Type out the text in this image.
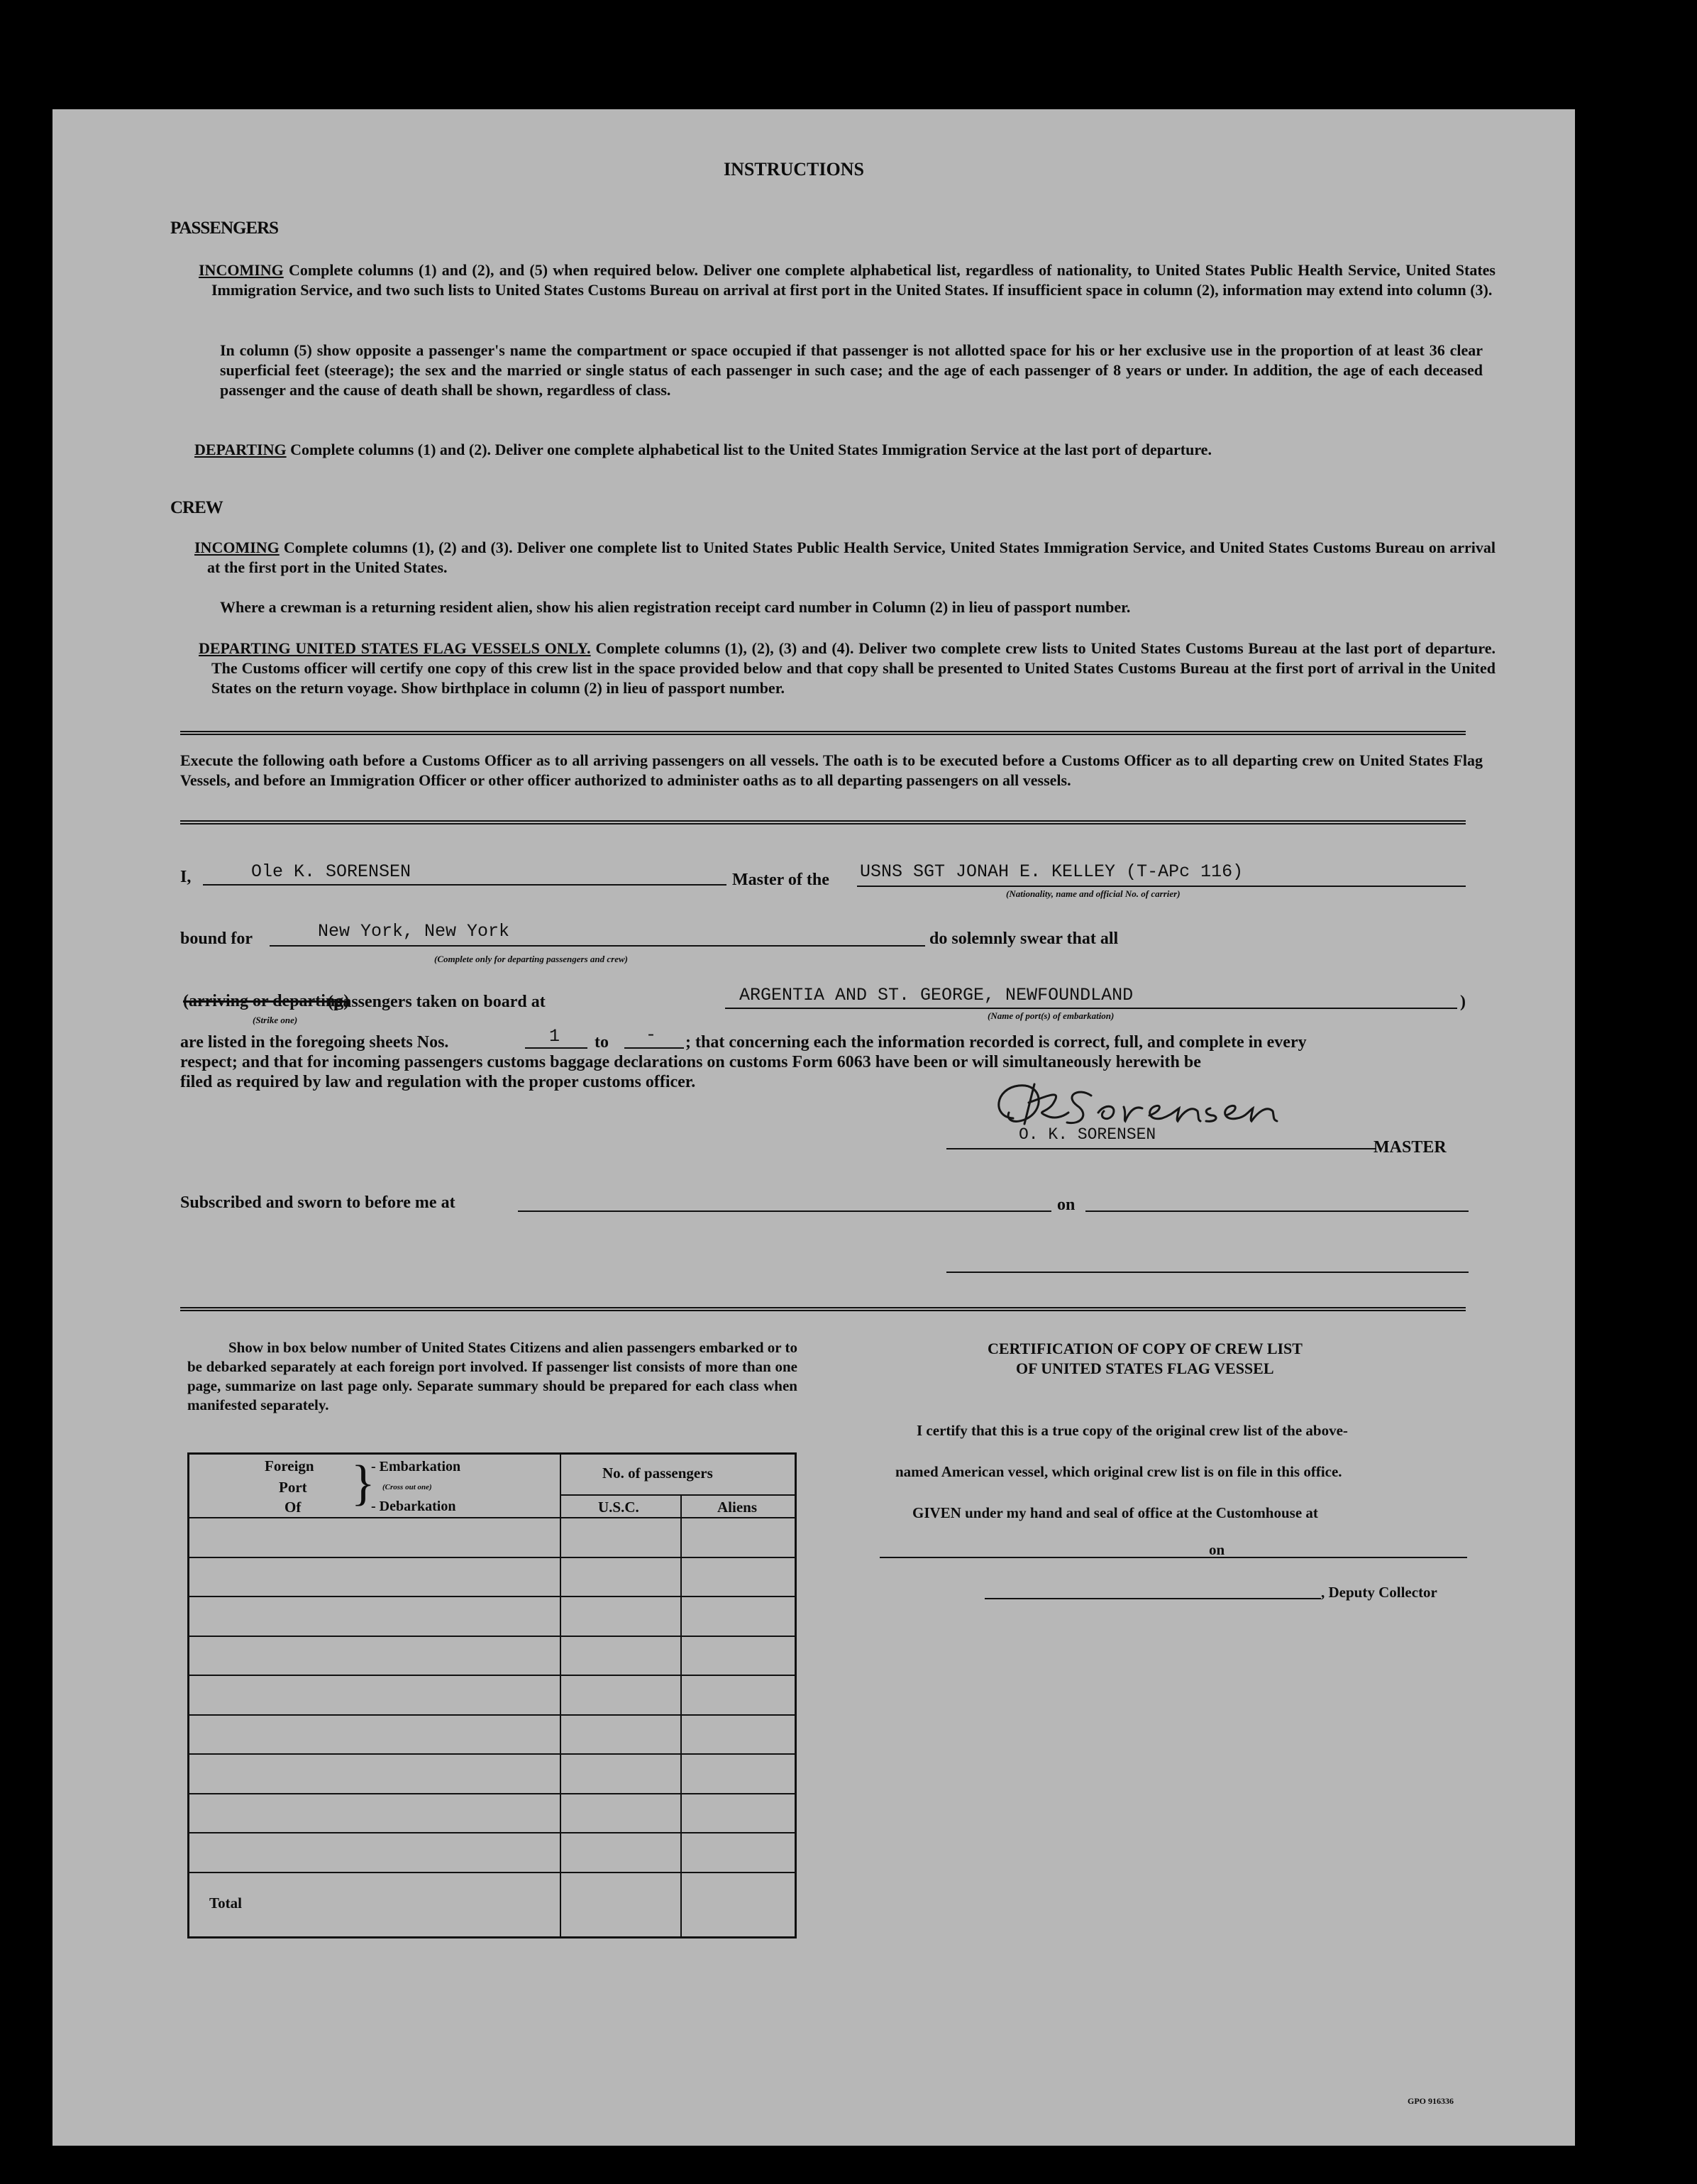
INSTRUCTIONS
PASSENGERS
INCOMING Complete columns (1) and (2), and (5) when required below. Deliver one complete alphabetical list, regardless of nationality, to United States Public Health Service, United States Immigration Service, and two such lists to United States Customs Bureau on arrival at first port in the United States. If insufficient space in column (2), information may extend into column (3).
In column (5) show opposite a passenger's name the compartment or space occupied if that passenger is not allotted space for his or her exclusive use in the proportion of at least 36 clear superficial feet (steerage); the sex and the married or single status of each passenger in such case; and the age of each passenger of 8 years or under. In addition, the age of each deceased passenger and the cause of death shall be shown, regardless of class.
DEPARTING Complete columns (1) and (2). Deliver one complete alphabetical list to the United States Immigration Service at the last port of departure.
CREW
INCOMING Complete columns (1), (2) and (3). Deliver one complete list to United States Public Health Service, United States Immigration Service, and United States Customs Bureau on arrival at the first port in the United States.
Where a crewman is a returning resident alien, show his alien registration receipt card number in Column (2) in lieu of passport number.
DEPARTING UNITED STATES FLAG VESSELS ONLY. Complete columns (1), (2), (3) and (4). Deliver two complete crew lists to United States Customs Bureau at the last port of departure. The Customs officer will certify one copy of this crew list in the space provided below and that copy shall be presented to United States Customs Bureau at the first port of arrival in the United States on the return voyage. Show birthplace in column (2) in lieu of passport number.
Execute the following oath before a Customs Officer as to all arriving passengers on all vessels. The oath is to be executed before a Customs Officer as to all departing crew on United States Flag Vessels, and before an Immigration Officer or other officer authorized to administer oaths as to all departing passengers on all vessels.
I,	Ole K. SORENSEN	Master of the USNS SGT JONAH E. KELLEY (T-APc 116)
(Nationality, name and official No. of carrier)
bound for	New York, New York
(Complete only for departing passengers and crew)
do solemnly swear that all
(arriving or departing)
(Strike one)
(passengers taken on board at	ARGENTIA AND ST. GEORGE, NEWFOUNDLAND
(Name of port(s) of embarkation)
)
are listed in the foregoing sheets Nos.	1 to - ; that concerning each the information recorded is correct, full, and complete in every
respect; and that for incoming passengers customs baggage declarations on customs Form 6063 have been or will simultaneously herewith be
filed as required by law and regulation with the proper customs officer.
O. K. SORENSEN
MASTER
Subscribed and sworn to before me at	on
Show in box below number of United States Citizens and alien passengers embarked or to be debarked separately at each foreign port involved. If passenger list consists of more than one page, summarize on last page only. Separate summary should be prepared for each class when manifested separately.
Foreign
Port
Of }
- Embarkation
(Cross out one)
- Debarkation
No. of passengers
U.S.C.	Aliens
Total
CERTIFICATION OF COPY OF CREW LIST
OF UNITED STATES FLAG VESSEL
I certify that this is a true copy of the original crew list of the above-
named American vessel, which original crew list is on file in this office.
GIVEN under my hand and seal of office at the Customhouse at
on
, Deputy Collector
GPO 916336
